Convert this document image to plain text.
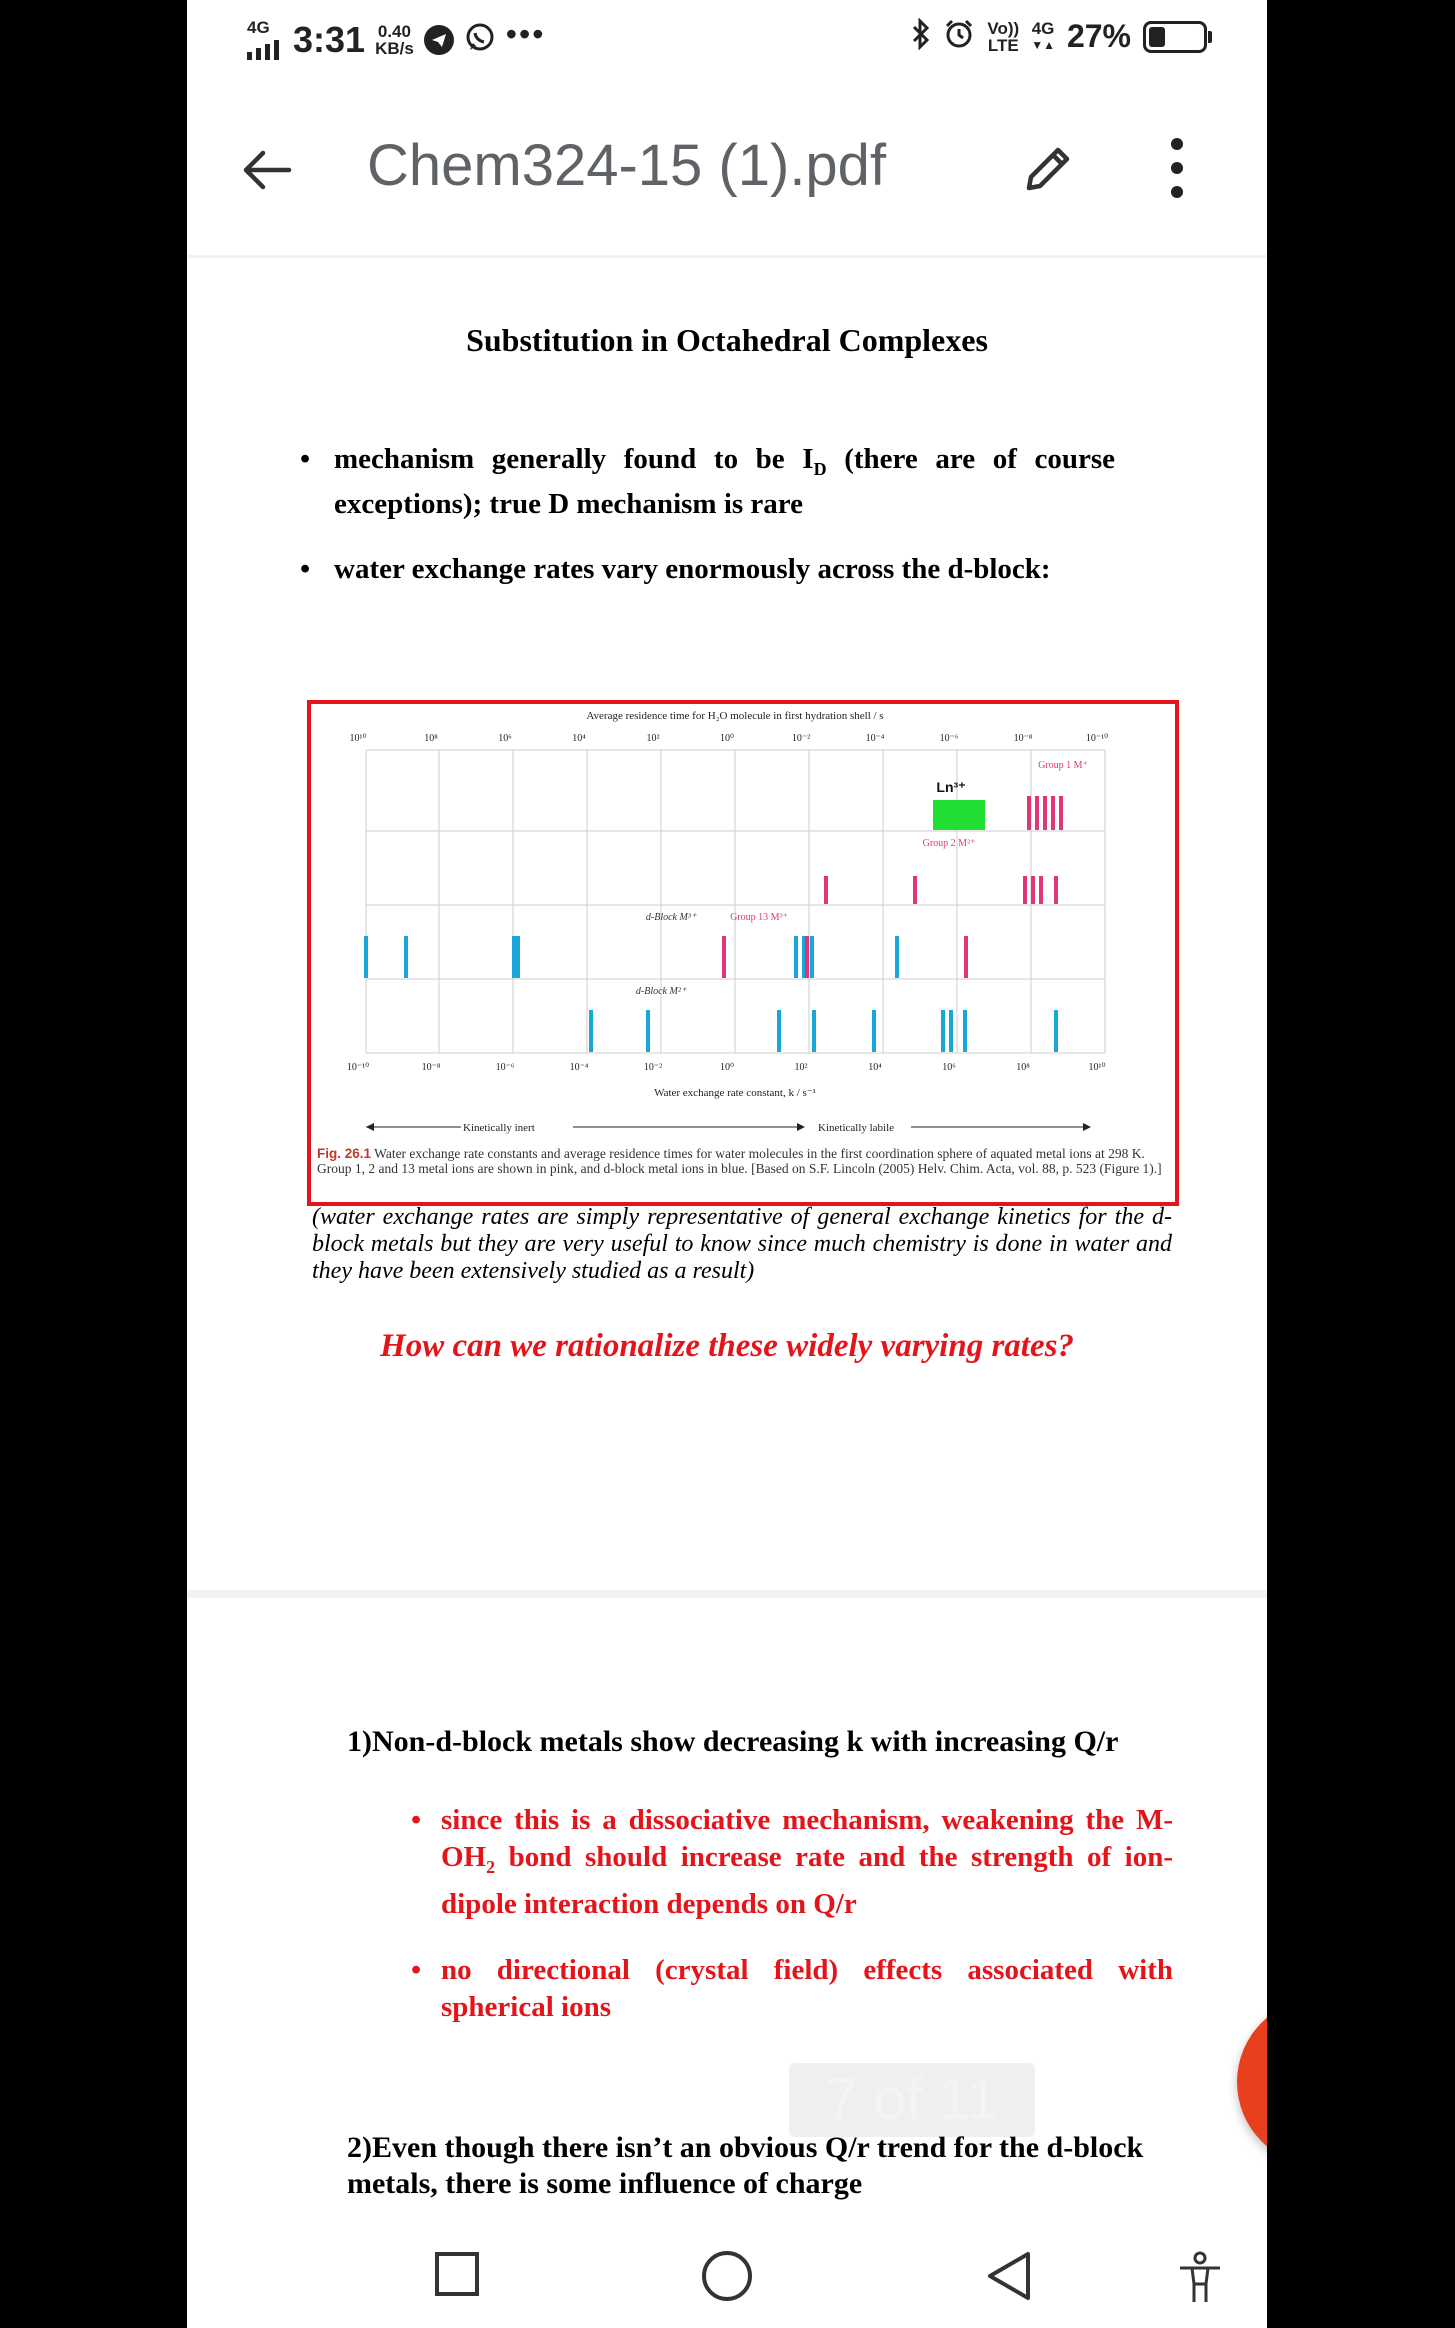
4G 3:31 0.40
KB/s	•••	Vo))
LTE
4G
▼▲ 27%
Chem324-15 (1).pdf
Substitution in Octahedral Complexes
• mechanism generally found to be $I_D$ (there are of course exceptions); true D mechanism is rare
• water exchange rates vary enormously across the d-block:
Average residence time for H₂O molecule in first hydration shell / s
10¹⁰	10⁸	10⁶	10⁴	10²	10⁰	10⁻²	10⁻⁴	10⁻⁶	10⁻⁸	10⁻¹⁰
10⁻¹⁰	10⁻⁸	10⁻⁶	10⁻⁴	10⁻²	10⁰	10²	10⁴	10⁶	10⁸	10¹⁰
Water exchange rate constant, k / s⁻¹
Kinetically inert	Kinetically labile
Group 1 M⁺
Ln³⁺
Group 2 M²⁺
d-Block M³⁺	Group 13 M³⁺
d-Block M²⁺
Fig. 26.1 Water exchange rate constants and average residence times for water molecules in the first coordination sphere of aquated metal ions at 298 K. Group 1, 2 and 13 metal ions are shown in pink, and d-block metal ions in blue. [Based on S.F. Lincoln (2005) Helv. Chim. Acta, vol. 88, p. 523 (Figure 1).]
(water exchange rates are simply representative of general exchange kinetics for the d-block metals but they are very useful to know since much chemistry is done in water and they have been extensively studied as a result)
How can we rationalize these widely varying rates?
1)Non-d-block metals show decreasing k with increasing Q/r
• since this is a dissociative mechanism, weakening the $M-OH_2$ bond should increase rate and the strength of ion-dipole interaction depends on Q/r
• no directional (crystal field) effects associated with spherical ions
2)Even though there isn’t an obvious Q/r trend for the d-block metals, there is some influence of charge
7 of 11
